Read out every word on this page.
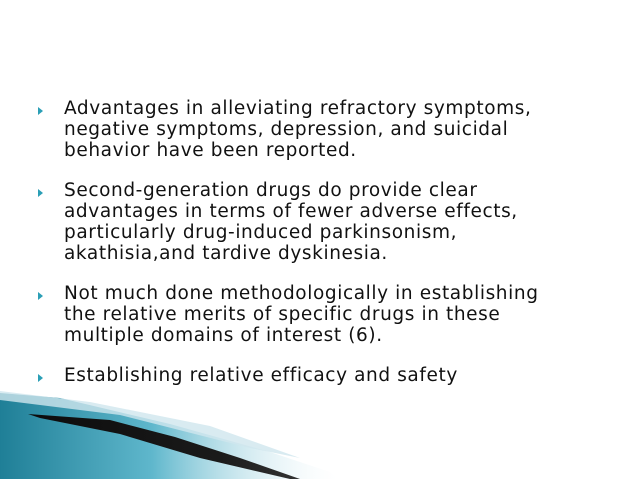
Advantages in alleviating refractory symptoms,
negative symptoms, depression, and suicidal
behavior have been reported.
Second-generation drugs do provide clear
advantages in terms of fewer adverse effects,
particularly drug-induced parkinsonism,
akathisia,and tardive dyskinesia.
Not much done methodologically in establishing
the relative merits of specific drugs in these
multiple domains of interest (6).
Establishing relative efficacy and safety
